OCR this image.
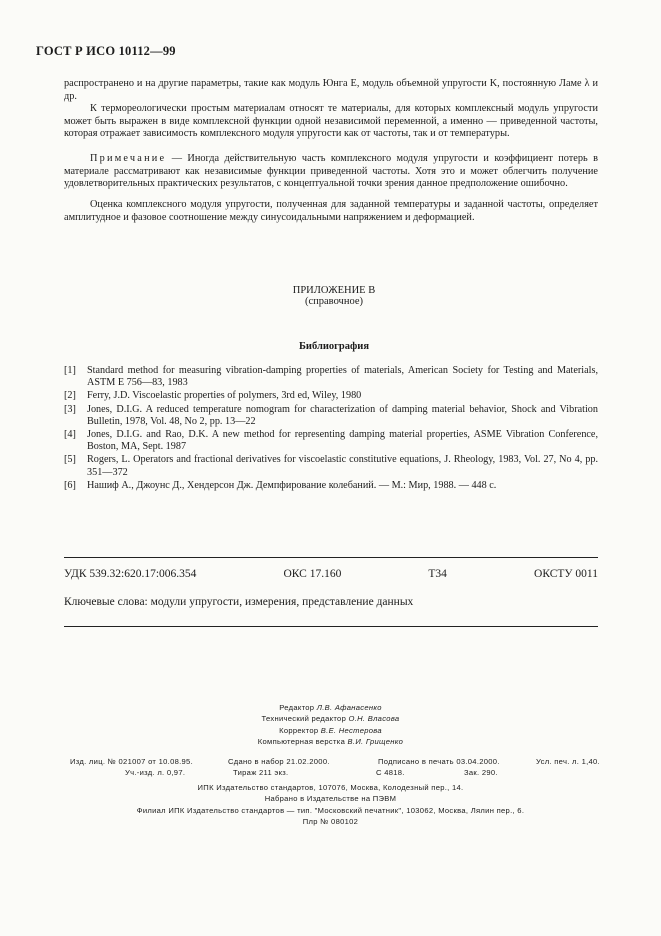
ГОСТ Р ИСО 10112—99
распространено и на другие параметры, такие как модуль Юнга E, модуль объемной упругости K, постоянную Ламе λ и др.
К термореологически простым материалам относят те материалы, для которых комплексный модуль упругости может быть выражен в виде комплексной функции одной независимой переменной, а именно — приведенной частоты, которая отражает зависимость комплексного модуля упругости как от частоты, так и от температуры.
Примечание — Иногда действительную часть комплексного модуля упругости и коэффициент потерь в материале рассматривают как независимые функции приведенной частоты. Хотя это и может облегчить получение удовлетворительных практических результатов, с концептуальной точки зрения данное предположение ошибочно.
Оценка комплексного модуля упругости, полученная для заданной температуры и заданной частоты, определяет амплитудное и фазовое соотношение между синусоидальными напряжением и деформацией.
ПРИЛОЖЕНИЕ В
(справочное)
Библиография
[1]	Standard method for measuring vibration-damping properties of materials, American Society for Testing and Materials, ASTM E 756—83, 1983
[2]	Ferry, J.D. Viscoelastic properties of polymers, 3rd ed, Wiley, 1980
[3]	Jones, D.I.G. A reduced temperature nomogram for characterization of damping material behavior, Shock and Vibration Bulletin, 1978, Vol. 48, No 2, pp. 13—22
[4]	Jones, D.I.G. and Rao, D.K. A new method for representing damping material properties, ASME Vibration Conference, Boston, MA, Sept. 1987
[5]	Rogers, L. Operators and fractional derivatives for viscoelastic constitutive equations, J. Rheology, 1983, Vol. 27, No 4, pp. 351—372
[6]	Нашиф А., Джоунс Д., Хендерсон Дж. Демпфирование колебаний. — М.: Мир, 1988. — 448 с.
УДК 539.32:620.17:006.354	ОКС 17.160	Т34	ОКСТУ 0011
Ключевые слова: модули упругости, измерения, представление данных
Редактор Л.В. Афанасенко
Технический редактор О.Н. Власова
Корректор В.Е. Нестерова
Компьютерная верстка В.И. Грищенко
Изд. лиц. № 021007 от 10.08.95.	Сдано в набор 21.02.2000.	Подписано в печать 03.04.2000.	Усл. печ. л. 1,40.
Уч.-изд. л. 0,97.	Тираж 211 экз.	С 4818.	Зак. 290.
ИПК Издательство стандартов, 107076, Москва, Колодезный пер., 14.
Набрано в Издательстве на ПЭВМ
Филиал ИПК Издательство стандартов — тип. "Московский печатник", 103062, Москва, Лялин пер., 6.
Плр № 080102
